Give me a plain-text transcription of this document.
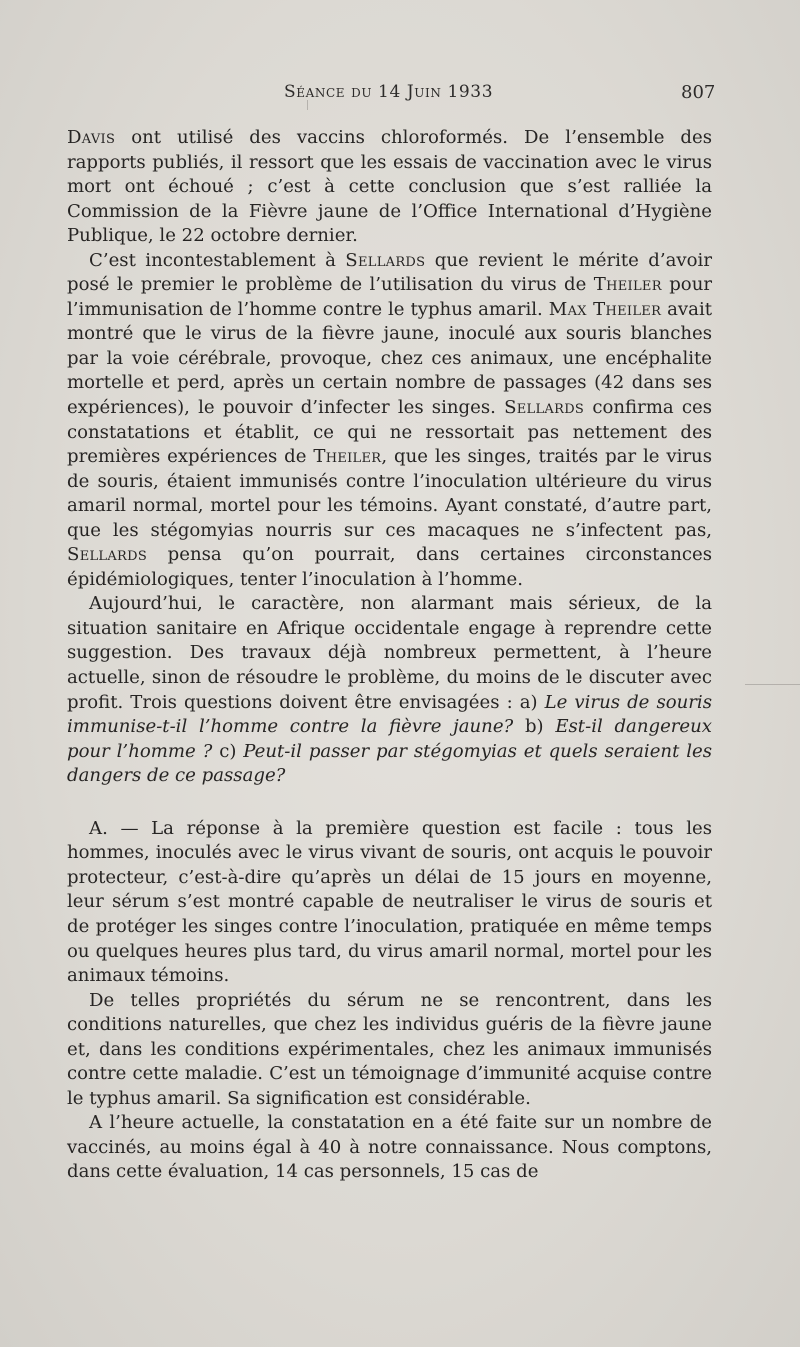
Séance du 14 Juin 1933	807

Davis ont utilisé des vaccins chloroformés. De l’ensemble des rapports publiés, il ressort que les essais de vaccination avec le virus mort ont échoué ; c’est à cette conclusion que s’est ralliée la Commission de la Fièvre jaune de l’Office International d’Hygiène Publique, le 22 octobre dernier.

C’est incontestablement à Sellards que revient le mérite d’avoir posé le premier le problème de l’utilisation du virus de Theiler pour l’immunisation de l’homme contre le typhus amaril. Max Theiler avait montré que le virus de la fièvre jaune, inoculé aux souris blanches par la voie cérébrale, provoque, chez ces animaux, une encéphalite mortelle et perd, après un certain nombre de passages (42 dans ses expériences), le pouvoir d’infecter les singes. Sellards confirma ces constatations et établit, ce qui ne ressortait pas nettement des premières expériences de Theiler, que les singes, traités par le virus de souris, étaient immunisés contre l’inoculation ultérieure du virus amaril normal, mortel pour les témoins. Ayant constaté, d’autre part, que les stégomyias nourris sur ces macaques ne s’infectent pas, Sellards pensa qu’on pourrait, dans certaines circonstances épidémiologiques, tenter l’inoculation à l’homme.

Aujourd’hui, le caractère, non alarmant mais sérieux, de la situation sanitaire en Afrique occidentale engage à reprendre cette suggestion. Des travaux déjà nombreux permettent, à l’heure actuelle, sinon de résoudre le problème, du moins de le discuter avec profit. Trois questions doivent être envisagées : a) Le virus de souris immunise-t-il l’homme contre la fièvre jaune? b) Est-il dangereux pour l’homme ? c) Peut-il passer par stégomyias et quels seraient les dangers de ce passage?

A. — La réponse à la première question est facile : tous les hommes, inoculés avec le virus vivant de souris, ont acquis le pouvoir protecteur, c’est-à-dire qu’après un délai de 15 jours en moyenne, leur sérum s’est montré capable de neutraliser le virus de souris et de protéger les singes contre l’inoculation, pratiquée en même temps ou quelques heures plus tard, du virus amaril normal, mortel pour les animaux témoins.

De telles propriétés du sérum ne se rencontrent, dans les conditions naturelles, que chez les individus guéris de la fièvre jaune et, dans les conditions expérimentales, chez les animaux immunisés contre cette maladie. C’est un témoignage d’immunité acquise contre le typhus amaril. Sa signification est considérable.

A l’heure actuelle, la constatation en a été faite sur un nombre de vaccinés, au moins égal à 40 à notre connaissance. Nous comptons, dans cette évaluation, 14 cas personnels, 15 cas de
